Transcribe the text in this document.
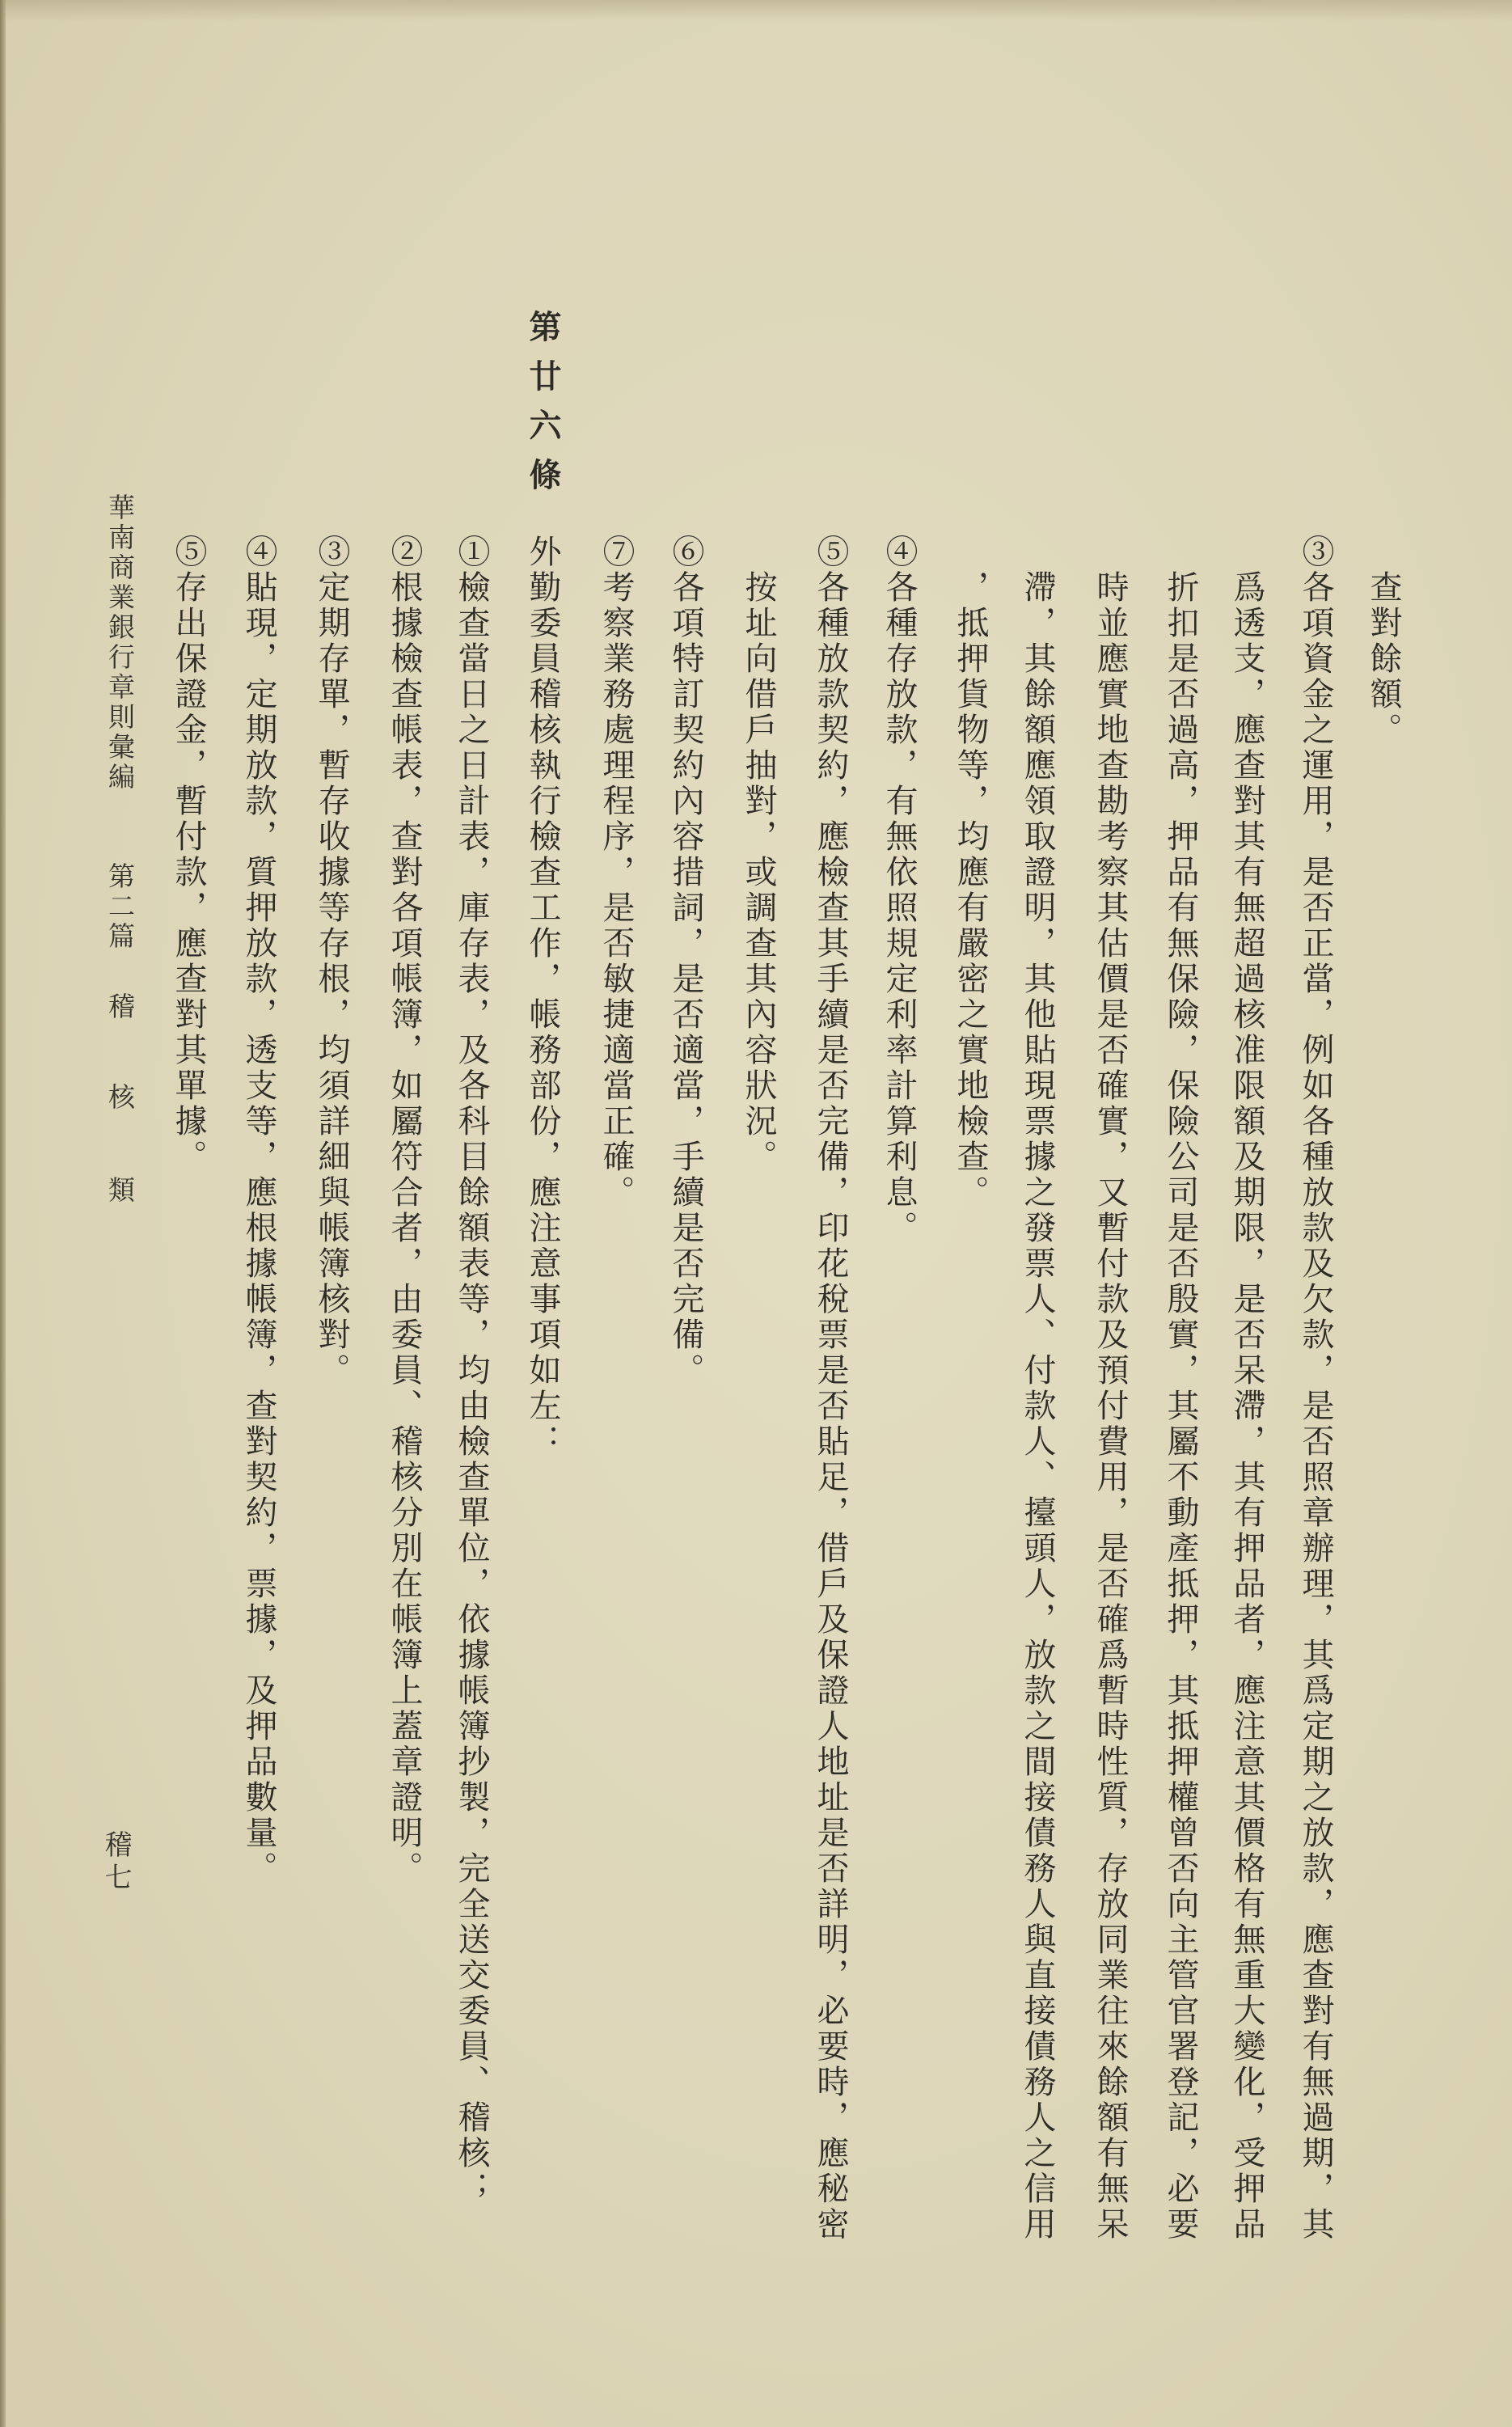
查對餘額。
③各項資金之運用，是否正當，例如各種放款及欠款，是否照章辦理，其爲定期之放款，應查對有無過期，其
爲透支，應查對其有無超過核准限額及期限，是否呆滯，其有押品者，應注意其價格有無重大變化，受押品
折扣是否過高，押品有無保險，保險公司是否殷實，其屬不動產抵押，其抵押權曾否向主管官署登記，必要
時並應實地查勘考察其估價是否確實，又暫付款及預付費用，是否確爲暫時性質，存放同業往來餘額有無呆
滯，其餘額應領取證明，其他貼現票據之發票人、付款人、擡頭人，放款之間接債務人與直接債務人之信用
，抵押貨物等，均應有嚴密之實地檢查。
④各種存放款，有無依照規定利率計算利息。
⑤各種放款契約，應檢查其手續是否完備，印花稅票是否貼足，借戶及保證人地址是否詳明，必要時，應秘密
按址向借戶抽對，或調查其內容狀況。
⑥各項特訂契約內容措詞，是否適當，手續是否完備。
⑦考察業務處理程序，是否敏捷適當正確。
第廿六條
外勤委員稽核執行檢查工作，帳務部份，應注意事項如左：
①檢查當日之日計表，庫存表，及各科目餘額表等，均由檢查單位，依據帳簿抄製，完全送交委員、稽核；
②根據檢查帳表，查對各項帳簿，如屬符合者，由委員、稽核分別在帳簿上蓋章證明。
③定期存單，暫存收據等存根，均須詳細與帳簿核對。
④貼現，定期放款，質押放款，透支等，應根據帳簿，查對契約，票據，及押品數量。
⑤存出保證金，暫付款，應查對其單據。
華南商業銀行章則彙編
第二篇
稽
核
類
稽七
